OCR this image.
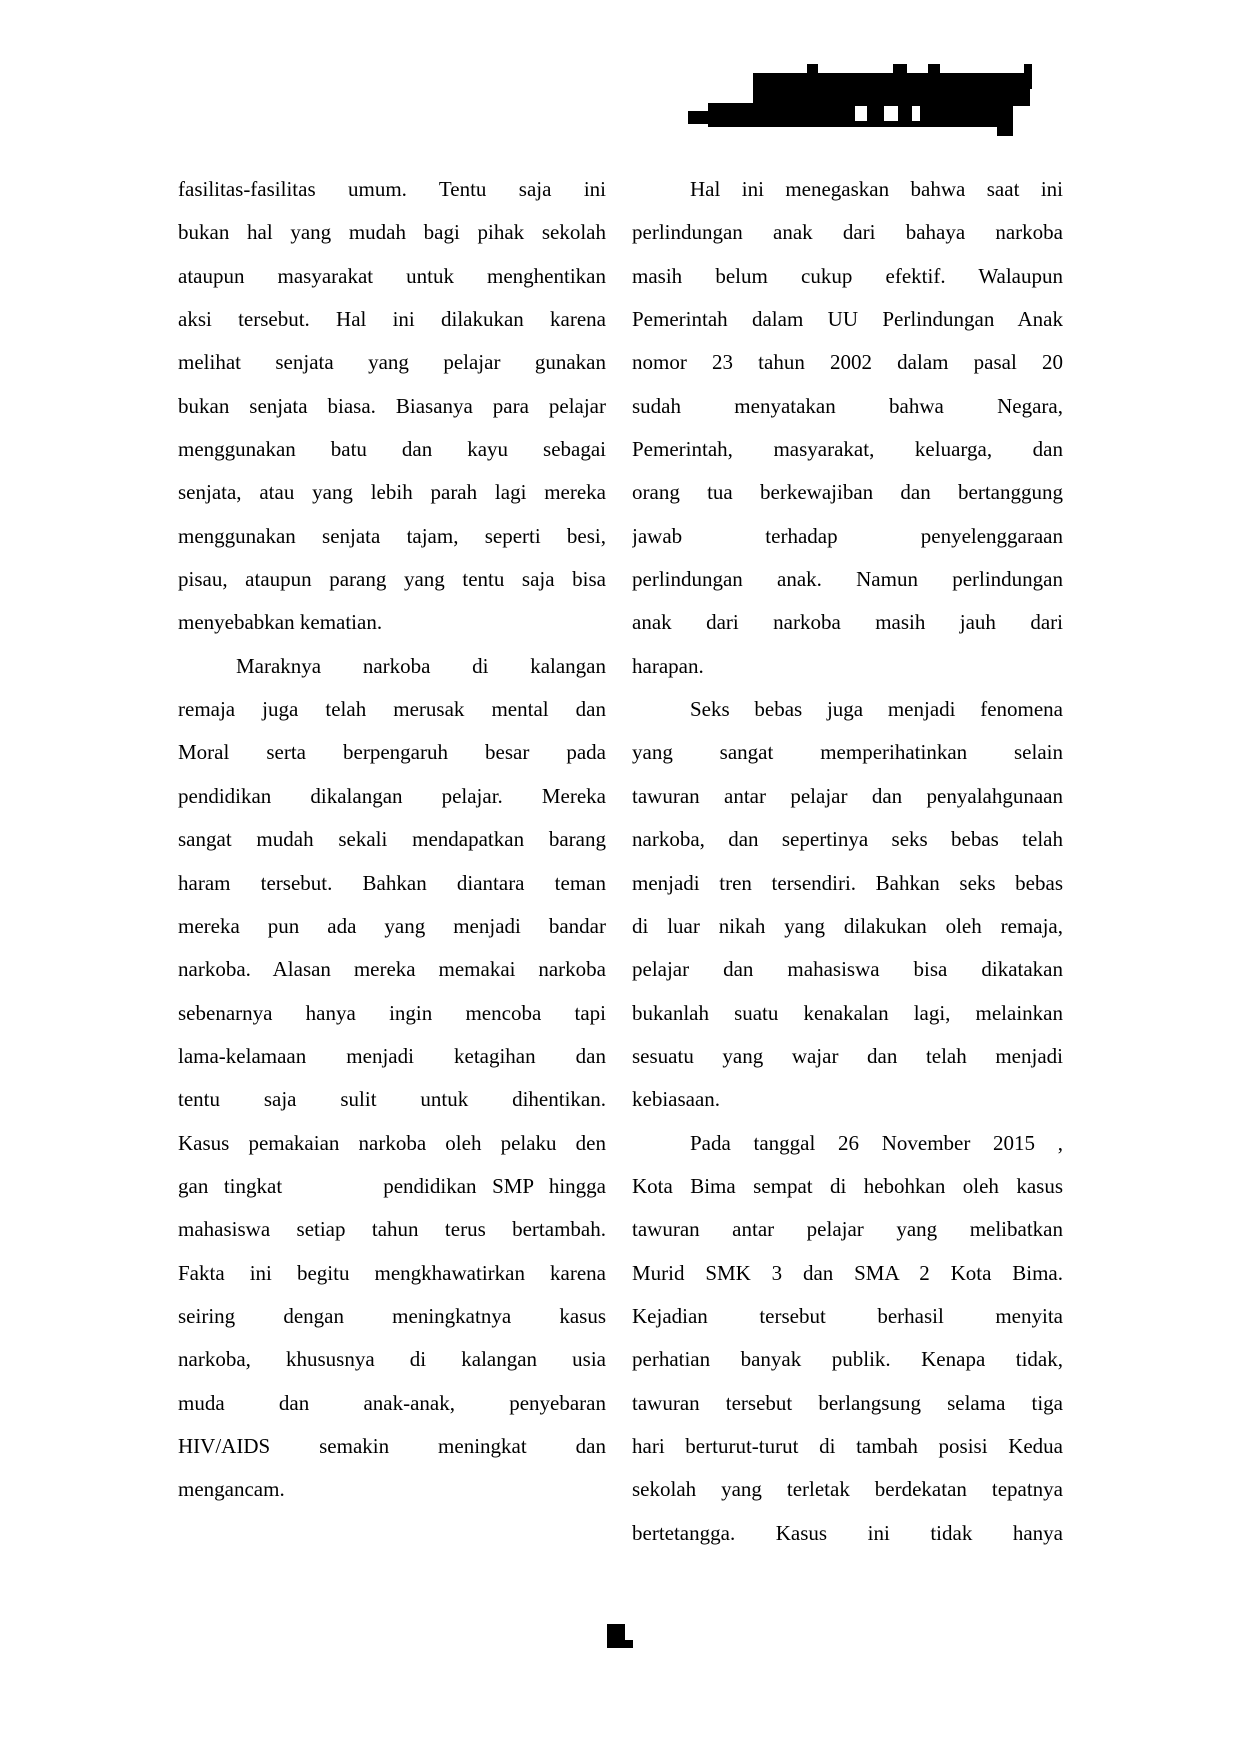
fasilitas-fasilitas umum. Tentu saja ini
bukan hal yang mudah bagi pihak sekolah
ataupun masyarakat untuk menghentikan
aksi tersebut. Hal ini dilakukan karena
melihat senjata yang pelajar gunakan
bukan senjata biasa. Biasanya para pelajar
menggunakan batu dan kayu sebagai
senjata, atau yang lebih parah lagi mereka
menggunakan senjata tajam, seperti besi,
pisau, ataupun parang yang tentu saja bisa
menyebabkan kematian.
Maraknya narkoba di kalangan
remaja juga telah merusak mental dan
Moral serta berpengaruh besar pada
pendidikan dikalangan pelajar. Mereka
sangat mudah sekali mendapatkan barang
haram tersebut. Bahkan diantara teman
mereka pun ada yang menjadi bandar
narkoba. Alasan mereka memakai narkoba
sebenarnya hanya ingin mencoba tapi
lama-kelamaan menjadi ketagihan dan
tentu saja sulit untuk dihentikan.
Kasus pemakaian narkoba oleh pelaku den
gan tingkat	pendidikan SMP hingga
mahasiswa setiap tahun terus bertambah.
Fakta ini begitu mengkhawatirkan karena
seiring dengan meningkatnya kasus
narkoba, khususnya di kalangan usia
muda dan anak-anak, penyebaran
HIV/AIDS semakin meningkat dan
mengancam.
Hal ini menegaskan bahwa saat ini
perlindungan anak dari bahaya narkoba
masih belum cukup efektif. Walaupun
Pemerintah dalam UU Perlindungan Anak
nomor 23 tahun 2002 dalam pasal 20
sudah menyatakan bahwa Negara,
Pemerintah, masyarakat, keluarga, dan
orang tua berkewajiban dan bertanggung
jawab terhadap penyelenggaraan
perlindungan anak. Namun perlindungan
anak dari narkoba masih jauh dari
harapan.
Seks bebas juga menjadi fenomena
yang sangat memperihatinkan selain
tawuran antar pelajar dan penyalahgunaan
narkoba, dan sepertinya seks bebas telah
menjadi tren tersendiri. Bahkan seks bebas
di luar nikah yang dilakukan oleh remaja,
pelajar dan mahasiswa bisa dikatakan
bukanlah suatu kenakalan lagi, melainkan
sesuatu yang wajar dan telah menjadi
kebiasaan.
Pada tanggal 26 November 2015 ,
Kota Bima sempat di hebohkan oleh kasus
tawuran antar pelajar yang melibatkan
Murid SMK 3 dan SMA 2 Kota Bima.
Kejadian tersebut berhasil menyita
perhatian banyak publik. Kenapa tidak,
tawuran tersebut berlangsung selama tiga
hari berturut-turut di tambah posisi Kedua
sekolah yang terletak berdekatan tepatnya
bertetangga. Kasus ini tidak hanya
